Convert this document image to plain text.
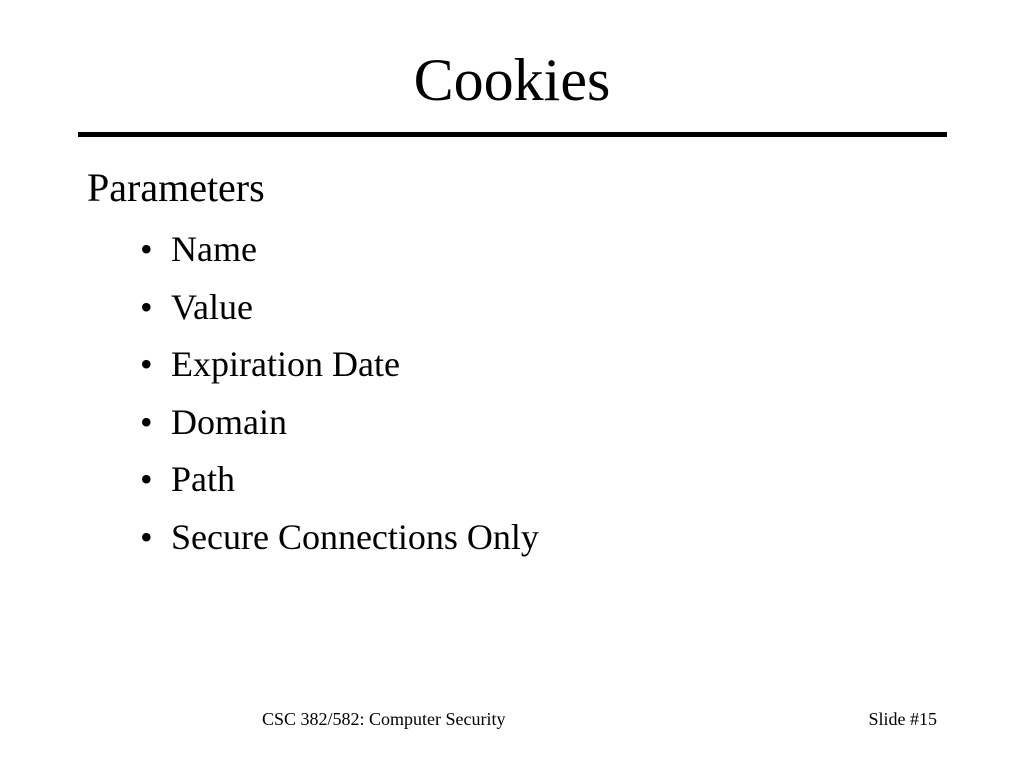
Cookies

Parameters

• Name
• Value
• Expiration Date
• Domain
• Path
• Secure Connections Only
CSC 382/582: Computer Security	Slide #15
